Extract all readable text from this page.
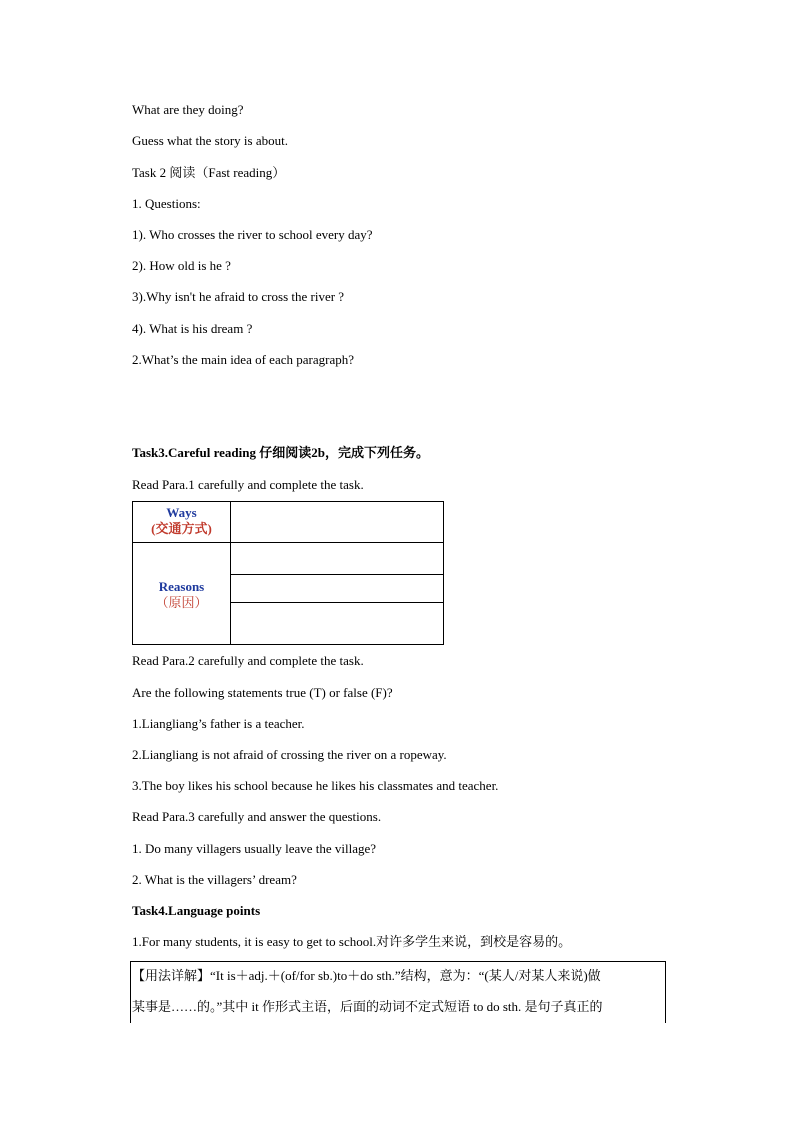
What are they doing?
Guess what the story is about.
Task 2 阅读（Fast reading）
1. Questions:
1). Who crosses the river to school every day?
2). How old is he ?
3).Why isn't he afraid to cross the river ?
4). What is his dream ?
2.What’s the main idea of each paragraph?
Task3.Careful reading 仔细阅读2b，完成下列任务。
Read Para.1 carefully and complete the task.
Ways
(交通方式)
Reasons
（原因）
Read Para.2 carefully and complete the task.
Are the following statements true (T) or false (F)?
1.Liangliang’s father is a teacher.
2.Liangliang is not afraid of crossing the river on a ropeway.
3.The boy likes his school because he likes his classmates and teacher.
Read Para.3 carefully and answer the questions.
1. Do many villagers usually leave the village?
2. What is the villagers’ dream?
Task4.Language points
1.For many students, it is easy to get to school.对许多学生来说，到校是容易的。
【用法详解】“It is＋adj.＋(of/for sb.)to＋do sth.”结构，意为：“(某人/对某人来说)做
某事是……的。”其中 it 作形式主语，后面的动词不定式短语 to do sth. 是句子真正的
